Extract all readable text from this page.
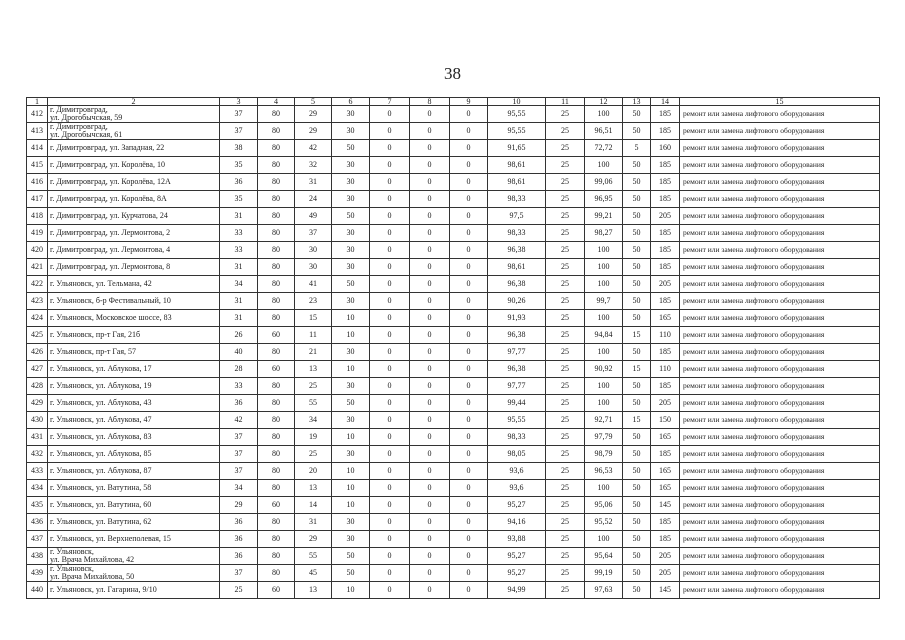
38
1	2	3	4	5	6	7	8	9	10	11	12	13	14	15
412	г. Димитровград,
ул. Дрогобычская, 59	37	80	29	30	0	0	0	95,55	25	100	50	185	ремонт или замена лифтового оборудования
413	г. Димитровград,
ул. Дрогобычская, 61	37	80	29	30	0	0	0	95,55	25	96,51	50	185	ремонт или замена лифтового оборудования
414	г. Димитровград, ул. Западная, 22	38	80	42	50	0	0	0	91,65	25	72,72	5	160	ремонт или замена лифтового оборудования
415	г. Димитровград, ул. Королёва, 10	35	80	32	30	0	0	0	98,61	25	100	50	185	ремонт или замена лифтового оборудования
416	г. Димитровград, ул. Королёва, 12А	36	80	31	30	0	0	0	98,61	25	99,06	50	185	ремонт или замена лифтового оборудования
417	г. Димитровград, ул. Королёва, 8А	35	80	24	30	0	0	0	98,33	25	96,95	50	185	ремонт или замена лифтового оборудования
418	г. Димитровград, ул. Курчатова, 24	31	80	49	50	0	0	0	97,5	25	99,21	50	205	ремонт или замена лифтового оборудования
419	г. Димитровград, ул. Лермонтова, 2	33	80	37	30	0	0	0	98,33	25	98,27	50	185	ремонт или замена лифтового оборудования
420	г. Димитровград, ул. Лермонтова, 4	33	80	30	30	0	0	0	96,38	25	100	50	185	ремонт или замена лифтового оборудования
421	г. Димитровград, ул. Лермонтова, 8	31	80	30	30	0	0	0	98,61	25	100	50	185	ремонт или замена лифтового оборудования
422	г. Ульяновск, ул. Тельмана, 42	34	80	41	50	0	0	0	96,38	25	100	50	205	ремонт или замена лифтового оборудования
423	г. Ульяновск, б-р Фестивальный, 10	31	80	23	30	0	0	0	90,26	25	99,7	50	185	ремонт или замена лифтового оборудования
424	г. Ульяновск, Московское шоссе, 83	31	80	15	10	0	0	0	91,93	25	100	50	165	ремонт или замена лифтового оборудования
425	г. Ульяновск, пр-т Гая, 21б	26	60	11	10	0	0	0	96,38	25	94,84	15	110	ремонт или замена лифтового оборудования
426	г. Ульяновск, пр-т Гая, 57	40	80	21	30	0	0	0	97,77	25	100	50	185	ремонт или замена лифтового оборудования
427	г. Ульяновск, ул. Аблукова, 17	28	60	13	10	0	0	0	96,38	25	90,92	15	110	ремонт или замена лифтового оборудования
428	г. Ульяновск, ул. Аблукова, 19	33	80	25	30	0	0	0	97,77	25	100	50	185	ремонт или замена лифтового оборудования
429	г. Ульяновск, ул. Аблукова, 43	36	80	55	50	0	0	0	99,44	25	100	50	205	ремонт или замена лифтового оборудования
430	г. Ульяновск, ул. Аблукова, 47	42	80	34	30	0	0	0	95,55	25	92,71	15	150	ремонт или замена лифтового оборудования
431	г. Ульяновск, ул. Аблукова, 83	37	80	19	10	0	0	0	98,33	25	97,79	50	165	ремонт или замена лифтового оборудования
432	г. Ульяновск, ул. Аблукова, 85	37	80	25	30	0	0	0	98,05	25	98,79	50	185	ремонт или замена лифтового оборудования
433	г. Ульяновск, ул. Аблукова, 87	37	80	20	10	0	0	0	93,6	25	96,53	50	165	ремонт или замена лифтового оборудования
434	г. Ульяновск, ул. Ватутина, 58	34	80	13	10	0	0	0	93,6	25	100	50	165	ремонт или замена лифтового оборудования
435	г. Ульяновск, ул. Ватутина, 60	29	60	14	10	0	0	0	95,27	25	95,06	50	145	ремонт или замена лифтового оборудования
436	г. Ульяновск, ул. Ватутина, 62	36	80	31	30	0	0	0	94,16	25	95,52	50	185	ремонт или замена лифтового оборудования
437	г. Ульяновск, ул. Верхнеполевая, 15	36	80	29	30	0	0	0	93,88	25	100	50	185	ремонт или замена лифтового оборудования
438	г. Ульяновск,
ул. Врача Михайлова, 42	36	80	55	50	0	0	0	95,27	25	95,64	50	205	ремонт или замена лифтового оборудования
439	г. Ульяновск,
ул. Врача Михайлова, 50	37	80	45	50	0	0	0	95,27	25	99,19	50	205	ремонт или замена лифтового оборудования
440	г. Ульяновск, ул. Гагарина, 9/10	25	60	13	10	0	0	0	94,99	25	97,63	50	145	ремонт или замена лифтового оборудования
